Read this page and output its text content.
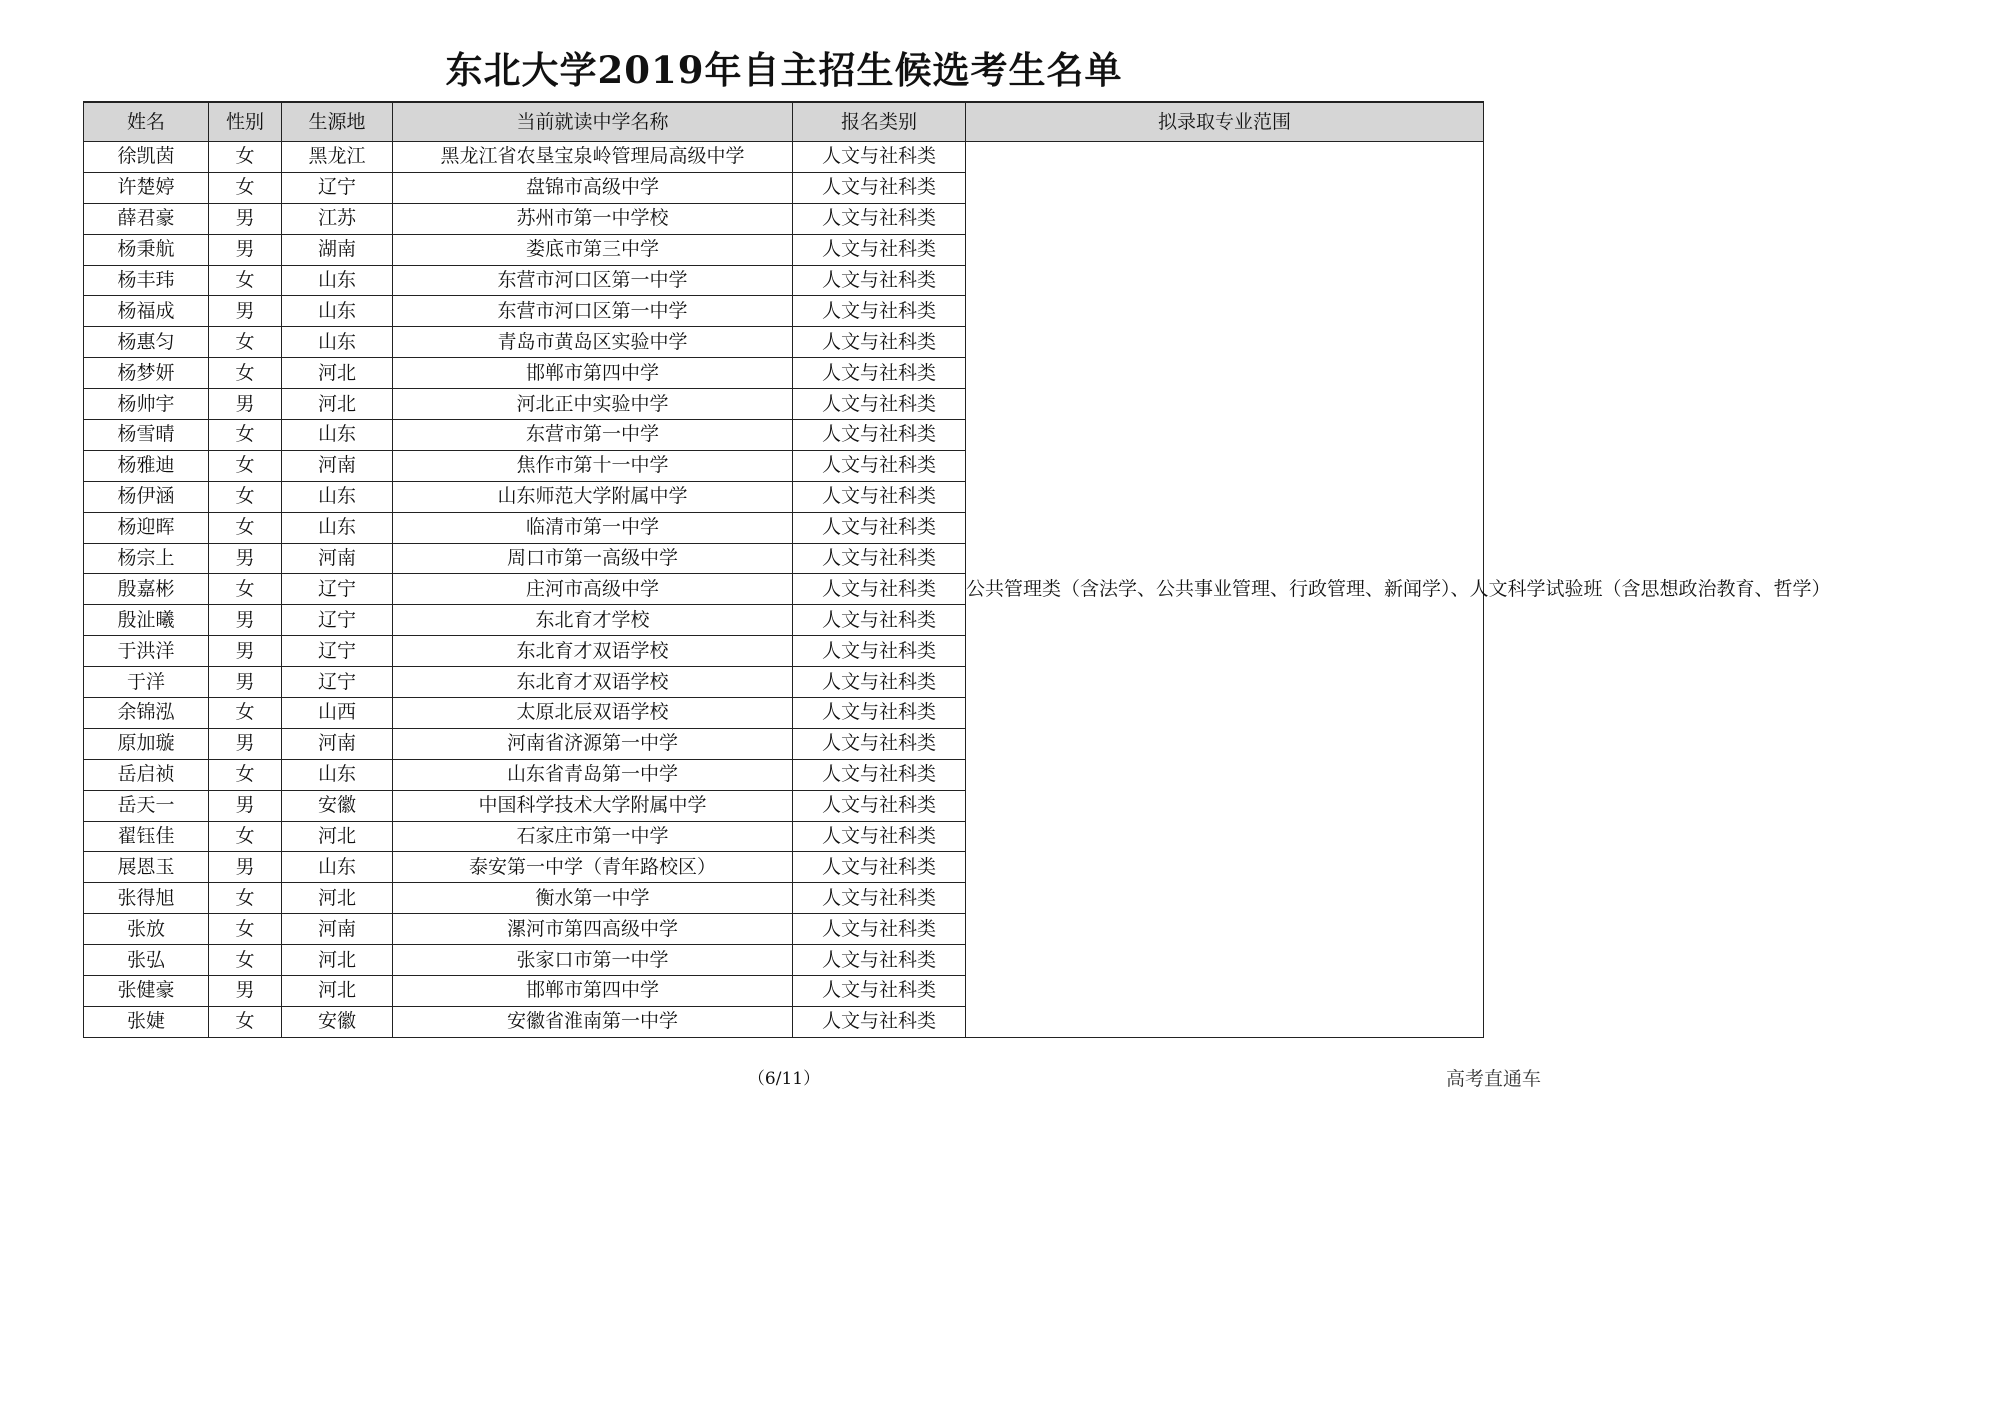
东北大学2019年自主招生候选考生名单
姓名	性别	生源地	当前就读中学名称	报名类别	拟录取专业范围
徐凯茵	女	黑龙江	黑龙江省农垦宝泉岭管理局高级中学	人文与社科类	公共管理类（含法学、公共事业管理、行政管理、新闻学）、人文科学试验班（含思想政治教育、哲学）
许楚婷	女	辽宁	盘锦市高级中学	人文与社科类	
薛君豪	男	江苏	苏州市第一中学校	人文与社科类	
杨秉航	男	湖南	娄底市第三中学	人文与社科类	
杨丰玮	女	山东	东营市河口区第一中学	人文与社科类	
杨福成	男	山东	东营市河口区第一中学	人文与社科类	
杨惠匀	女	山东	青岛市黄岛区实验中学	人文与社科类	
杨梦妍	女	河北	邯郸市第四中学	人文与社科类	
杨帅宇	男	河北	河北正中实验中学	人文与社科类	
杨雪晴	女	山东	东营市第一中学	人文与社科类	
杨雅迪	女	河南	焦作市第十一中学	人文与社科类	
杨伊涵	女	山东	山东师范大学附属中学	人文与社科类	
杨迎晖	女	山东	临清市第一中学	人文与社科类	
杨宗上	男	河南	周口市第一高级中学	人文与社科类	
殷嘉彬	女	辽宁	庄河市高级中学	人文与社科类	
殷沚曦	男	辽宁	东北育才学校	人文与社科类	
于洪洋	男	辽宁	东北育才双语学校	人文与社科类	
于洋	男	辽宁	东北育才双语学校	人文与社科类	
余锦泓	女	山西	太原北辰双语学校	人文与社科类	
原加璇	男	河南	河南省济源第一中学	人文与社科类	
岳启祯	女	山东	山东省青岛第一中学	人文与社科类	
岳天一	男	安徽	中国科学技术大学附属中学	人文与社科类	
翟钰佳	女	河北	石家庄市第一中学	人文与社科类	
展恩玉	男	山东	泰安第一中学（青年路校区）	人文与社科类	
张得旭	女	河北	衡水第一中学	人文与社科类	
张放	女	河南	漯河市第四高级中学	人文与社科类	
张弘	女	河北	张家口市第一中学	人文与社科类	
张健豪	男	河北	邯郸市第四中学	人文与社科类	
张婕	女	安徽	安徽省淮南第一中学	人文与社科类	
（6/11）	高考直通车
